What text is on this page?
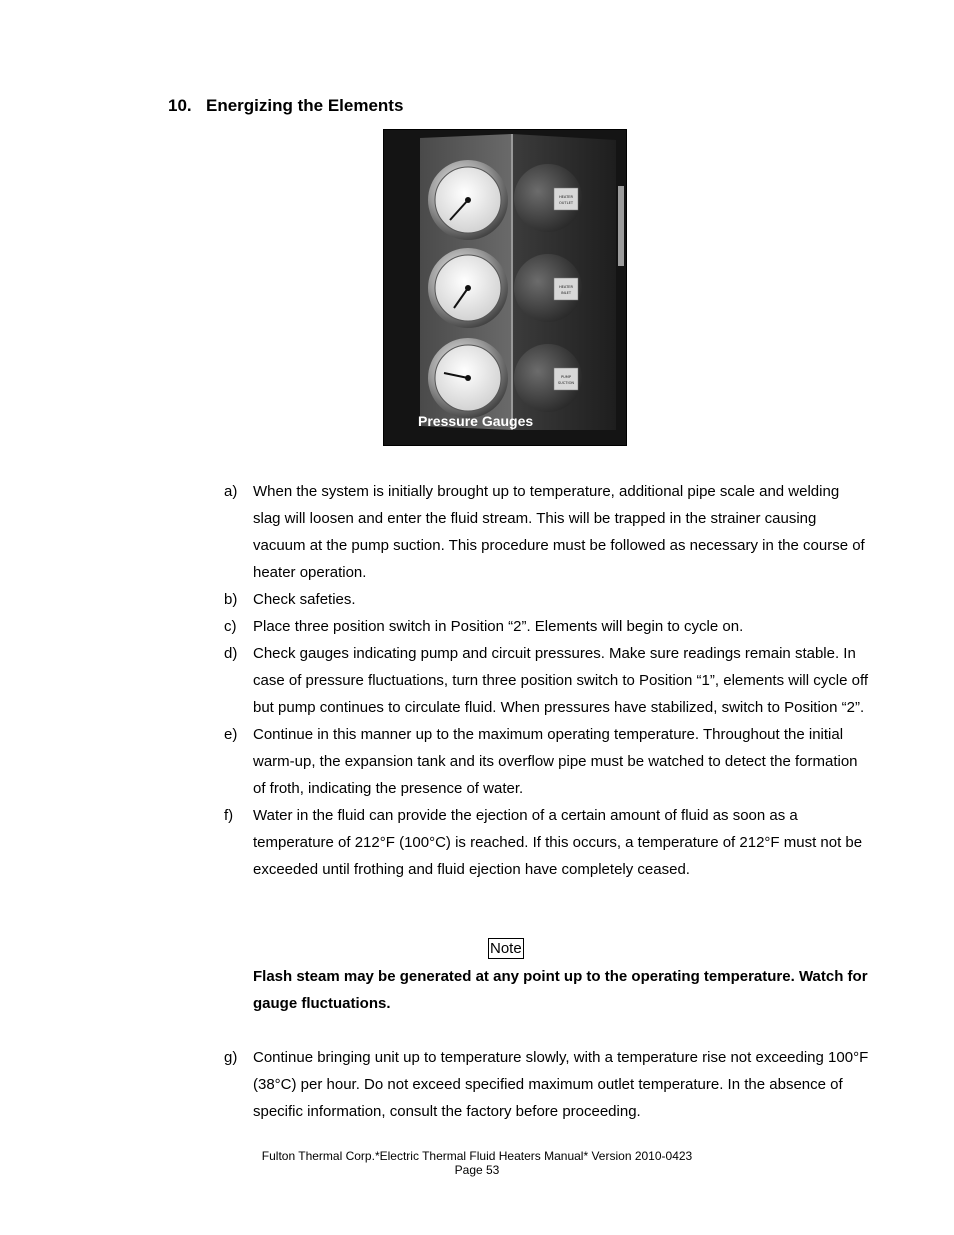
10. Energizing the Elements
HEATER
OUTLET
HEATER
INLET
PUMP
SUCTION
Pressure Gauges
a) When the system is initially brought up to temperature, additional pipe scale and welding slag will loosen and enter the fluid stream. This will be trapped in the strainer causing vacuum at the pump suction. This procedure must be followed as necessary in the course of heater operation.
b) Check safeties.
c) Place three position switch in Position “2”. Elements will begin to cycle on.
d) Check gauges indicating pump and circuit pressures. Make sure readings remain stable. In case of pressure fluctuations, turn three position switch to Position “1”, elements will cycle off but pump continues to circulate fluid. When pressures have stabilized, switch to Position “2”.
e) Continue in this manner up to the maximum operating temperature. Throughout the initial warm-up, the expansion tank and its overflow pipe must be watched to detect the formation of froth, indicating the presence of water.
f) Water in the fluid can provide the ejection of a certain amount of fluid as soon as a temperature of 212°F (100°C) is reached. If this occurs, a temperature of 212°F must not be exceeded until frothing and fluid ejection have completely ceased.
Note
Flash steam may be generated at any point up to the operating temperature. Watch for gauge fluctuations.
g) Continue bringing unit up to temperature slowly, with a temperature rise not exceeding 100°F (38°C) per hour. Do not exceed specified maximum outlet temperature. In the absence of specific information, consult the factory before proceeding.
Fulton Thermal Corp.*Electric Thermal Fluid Heaters Manual* Version 2010-0423
Page 53
